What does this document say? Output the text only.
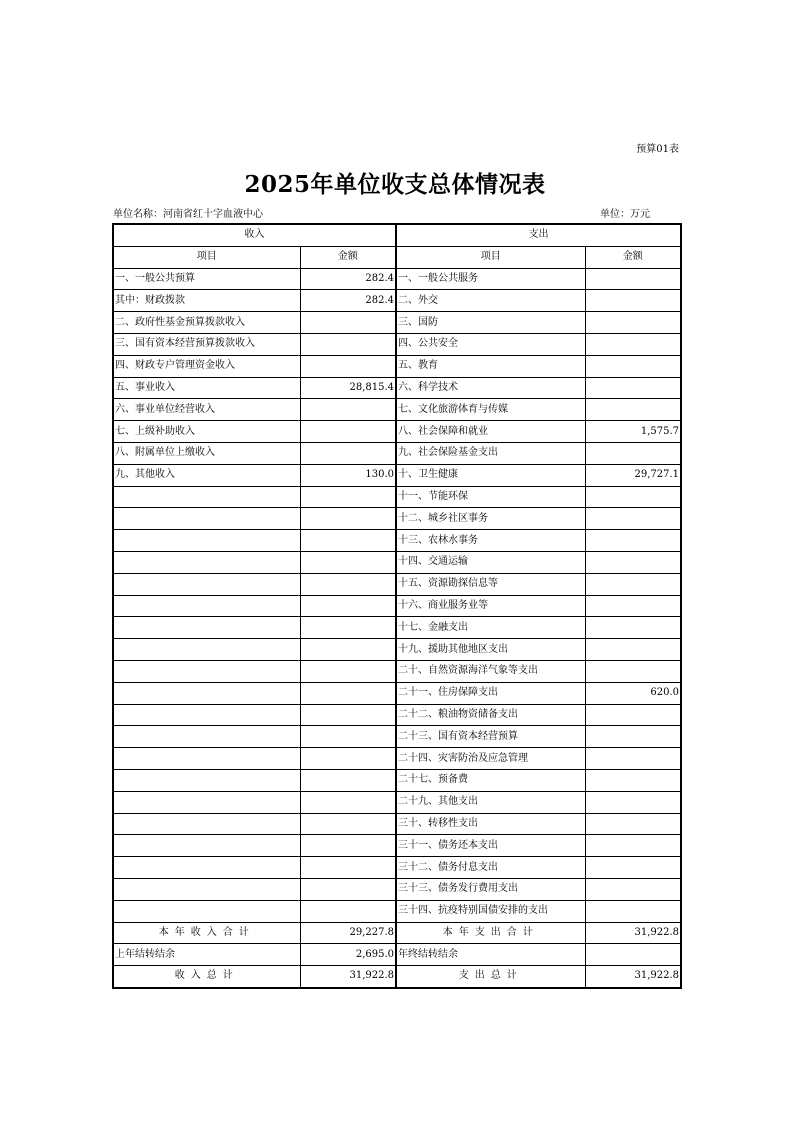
预算01表
2025年单位收支总体情况表
单位名称：河南省红十字血液中心	单位：万元
收入		支出	
项目	金额	项目	金额
一、一般公共预算	282.4	一、一般公共服务	
其中：财政拨款	282.4	二、外交	
二、政府性基金预算拨款收入		三、国防	
三、国有资本经营预算拨款收入		四、公共安全	
四、财政专户管理资金收入		五、教育	
五、事业收入	28,815.4	六、科学技术	
六、事业单位经营收入		七、文化旅游体育与传媒	
七、上级补助收入		八、社会保障和就业	1,575.7
八、附属单位上缴收入		九、社会保险基金支出	
九、其他收入	130.0	十、卫生健康	29,727.1
		十一、节能环保	
		十二、城乡社区事务	
		十三、农林水事务	
		十四、交通运输	
		十五、资源勘探信息等	
		十六、商业服务业等	
		十七、金融支出	
		十九、援助其他地区支出	
		二十、自然资源海洋气象等支出	
		二十一、住房保障支出	620.0
		二十二、粮油物资储备支出	
		二十三、国有资本经营预算	
		二十四、灾害防治及应急管理	
		二十七、预备费	
		二十九、其他支出	
		三十、转移性支出	
		三十一、债务还本支出	
		三十二、债务付息支出	
		三十三、债务发行费用支出	
		三十四、抗疫特别国债安排的支出	
本年收入合计	29,227.8	本年支出合计	31,922.8
上年结转结余	2,695.0	年终结转结余	
收入总计	31,922.8	支出总计	31,922.8
